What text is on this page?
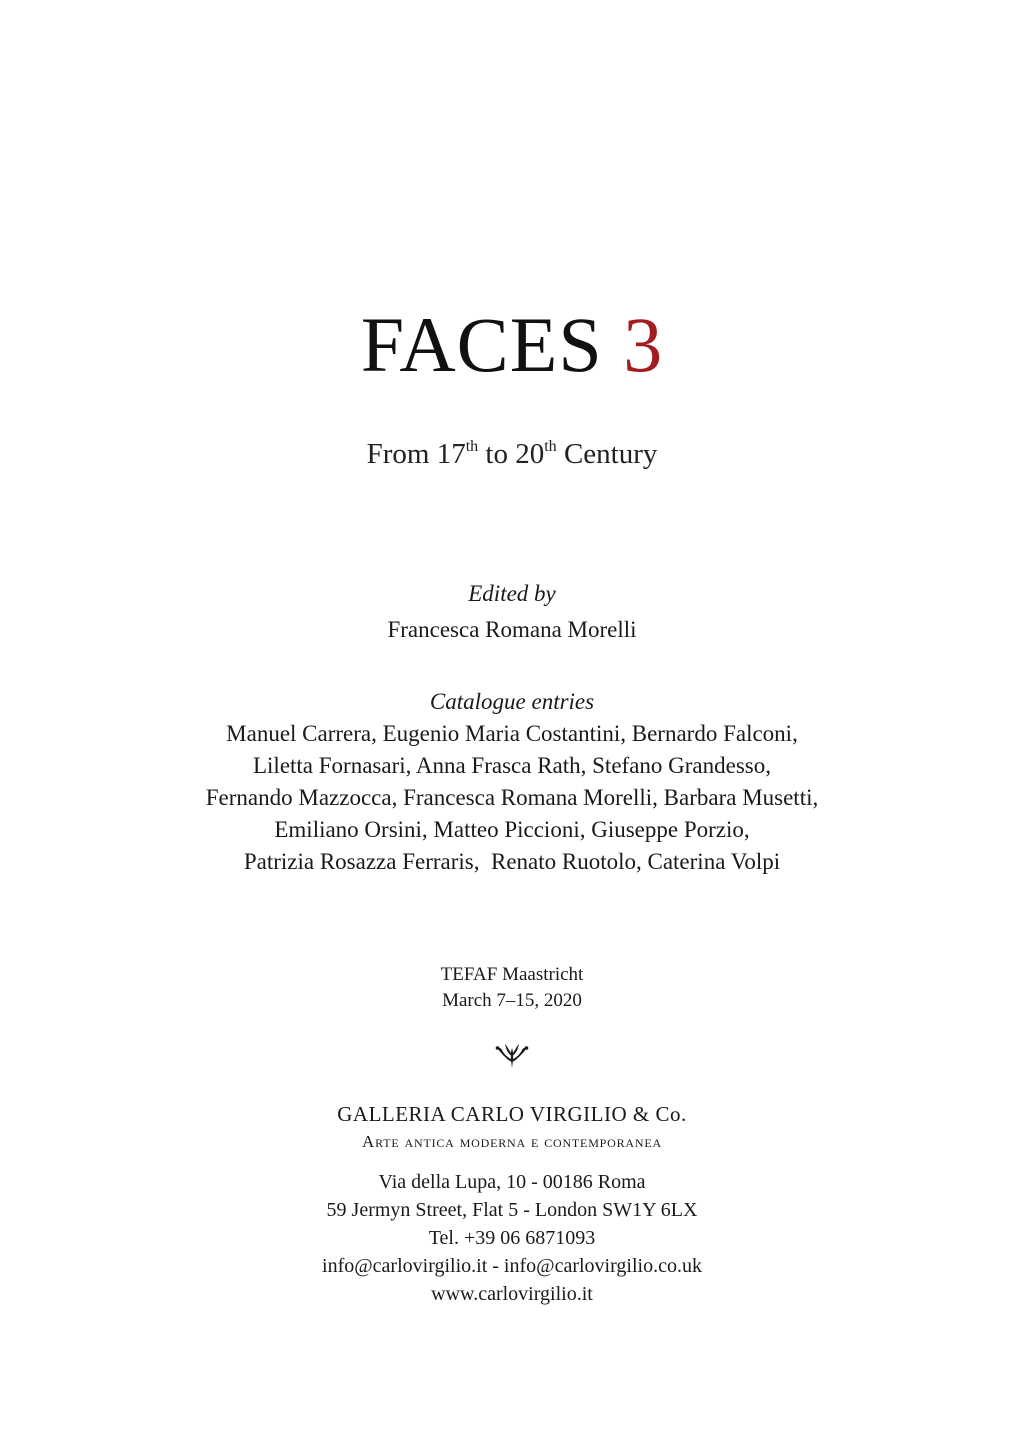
FACES 3
From 17th to 20th Century
Edited by
Francesca Romana Morelli
Catalogue entries
Manuel Carrera, Eugenio Maria Costantini, Bernardo Falconi,
Liletta Fornasari, Anna Frasca Rath, Stefano Grandesso,
Fernando Mazzocca, Francesca Romana Morelli, Barbara Musetti,
Emiliano Orsini, Matteo Piccioni, Giuseppe Porzio,
Patrizia Rosazza Ferraris,  Renato Ruotolo, Caterina Volpi
TEFAF Maastricht
March 7–15, 2020
GALLERIA CARLO VIRGILIO & Co.
Arte antica moderna e contemporanea
Via della Lupa, 10 - 00186 Roma
59 Jermyn Street, Flat 5 - London SW1Y 6LX
Tel. +39 06 6871093
info@carlovirgilio.it - info@carlovirgilio.co.uk
www.carlovirgilio.it
